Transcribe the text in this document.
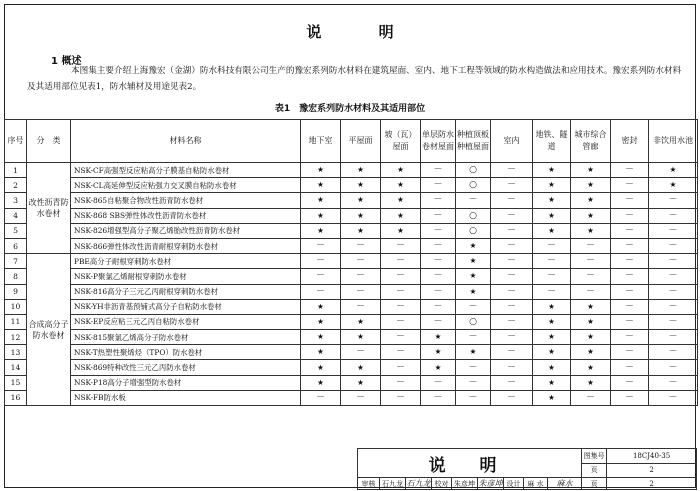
说 明
1 概述
本图集主要介绍上海豫宏（金湖）防水科技有限公司生产的豫宏系列防水材料在建筑屋面、室内、地下工程等领域的防水构造做法和应用技术。豫宏系列防水材料及其适用部位见表1，防水辅材及用途见表2。
表1　豫宏系列防水材料及其适用部位
序号	分　类	材料名称	地下室	平屋面	坡（瓦）屋面	单层防水卷材屋面	种植顶板种植屋面	室内	地铁、隧道	城市综合管廊	密封	非饮用水池
1	改性沥青防水卷材	NSK-CF高强型反应粘高分子膜基自粘防水卷材	★	★	★	－	○	－	★	★	－	★
2		NSK-CL高延伸型反应粘强力交叉膜自粘防水卷材	★	★	★	－	○	－	★	★	－	★
3		NSK-865自粘聚合物改性沥青防水卷材	★	★	★	－	－	－	★	★	－	－
4		NSK-868 SBS弹性体改性沥青防水卷材	★	★	★	－	○	－	★	★	－	－
5		NSK-826增强型高分子聚乙烯胎改性沥青防水卷材	★	★	★	－	○	－	★	★	－	－
6		NSK-866弹性体改性沥青耐根穿刺防水卷材	－	－	－	－	★	－	－	－	－	－
7	合成高分子防水卷材	PBE高分子耐根穿刺防水卷材	－	－	－	－	★	－	－	－	－	－
8		NSK-P聚氯乙烯耐根穿刺防水卷材	－	－	－	－	★	－	－	－	－	－
9		NSK-816高分子三元乙丙耐根穿刺防水卷材	－	－	－	－	★	－	－	－	－	－
10		NSK-YH非沥青基预铺式高分子自粘防水卷材	★	－	－	－	－	－	★	★	－	－
11		NSK-EP反应粘三元乙丙自粘防水卷材	★	★	－	－	○	－	★	★	－	－
12		NSK-815聚氯乙烯高分子防水卷材	★	★	－	★	－	－	★	★	－	－
13		NSK-T热塑性聚烯烃（TPO）防水卷材	★	－	－	★	★	－	★	★	－	－
14		NSK-869特种改性三元乙丙防水卷材	★	★	－	★	－	－	★	★	－	－
15		NSK-P18高分子增强型防水卷材	★	★	－	－	－	－	★	★	－	－
16		NSK-FB防水板	－	－	－	－	－	－	★	－	－	－
说 明									图集号	18CJ40-35
									页	2
审核	石九龙	石九龙	校对	朱彦坤	朱彦坤	设计	麻 水	麻水	页	2
